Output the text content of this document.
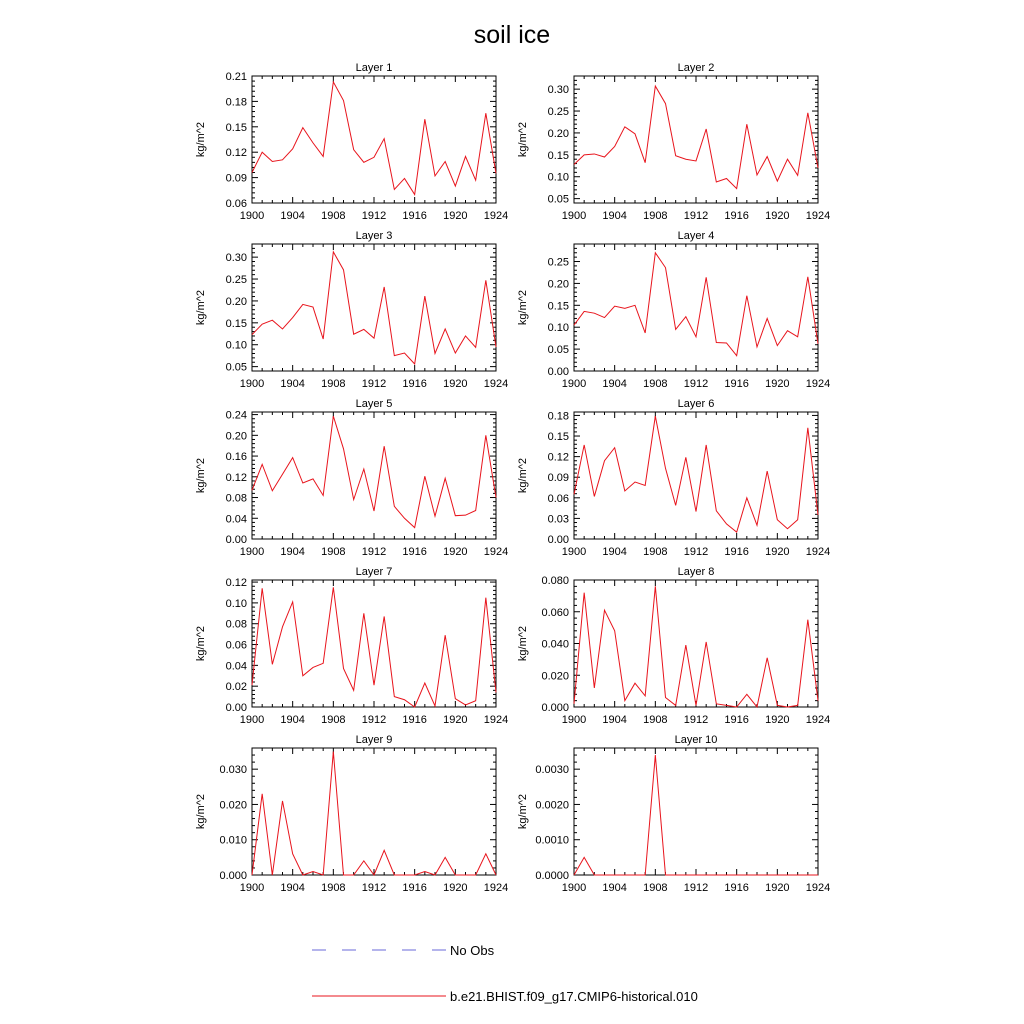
soil ice
Layer 1
kg/m^2
1900 1904 1908 1912 1916 1920 1924
0.06
0.09
0.12
0.15
0.18
0.21
Layer 2
kg/m^2
1900 1904 1908 1912 1916 1920 1924
0.05
0.10
0.15
0.20
0.25
0.30
Layer 3
kg/m^2
1900 1904 1908 1912 1916 1920 1924
0.05
0.10
0.15
0.20
0.25
0.30
Layer 4
kg/m^2
1900 1904 1908 1912 1916 1920 1924
0.00
0.05
0.10
0.15
0.20
0.25
Layer 5
kg/m^2
1900 1904 1908 1912 1916 1920 1924
0.00
0.04
0.08
0.12
0.16
0.20
0.24
Layer 6
kg/m^2
1900 1904 1908 1912 1916 1920 1924
0.00
0.03
0.06
0.09
0.12
0.15
0.18
Layer 7
kg/m^2
1900 1904 1908 1912 1916 1920 1924
0.00
0.02
0.04
0.06
0.08
0.10
0.12
Layer 8
kg/m^2
1900 1904 1908 1912 1916 1920 1924
0.000
0.020
0.040
0.060
0.080
Layer 9
kg/m^2
1900 1904 1908 1912 1916 1920 1924
0.000
0.010
0.020
0.030
Layer 10
kg/m^2
1900 1904 1908 1912 1916 1920 1924
0.0000
0.0010
0.0020
0.0030
No Obs
b.e21.BHIST.f09_g17.CMIP6-historical.010
